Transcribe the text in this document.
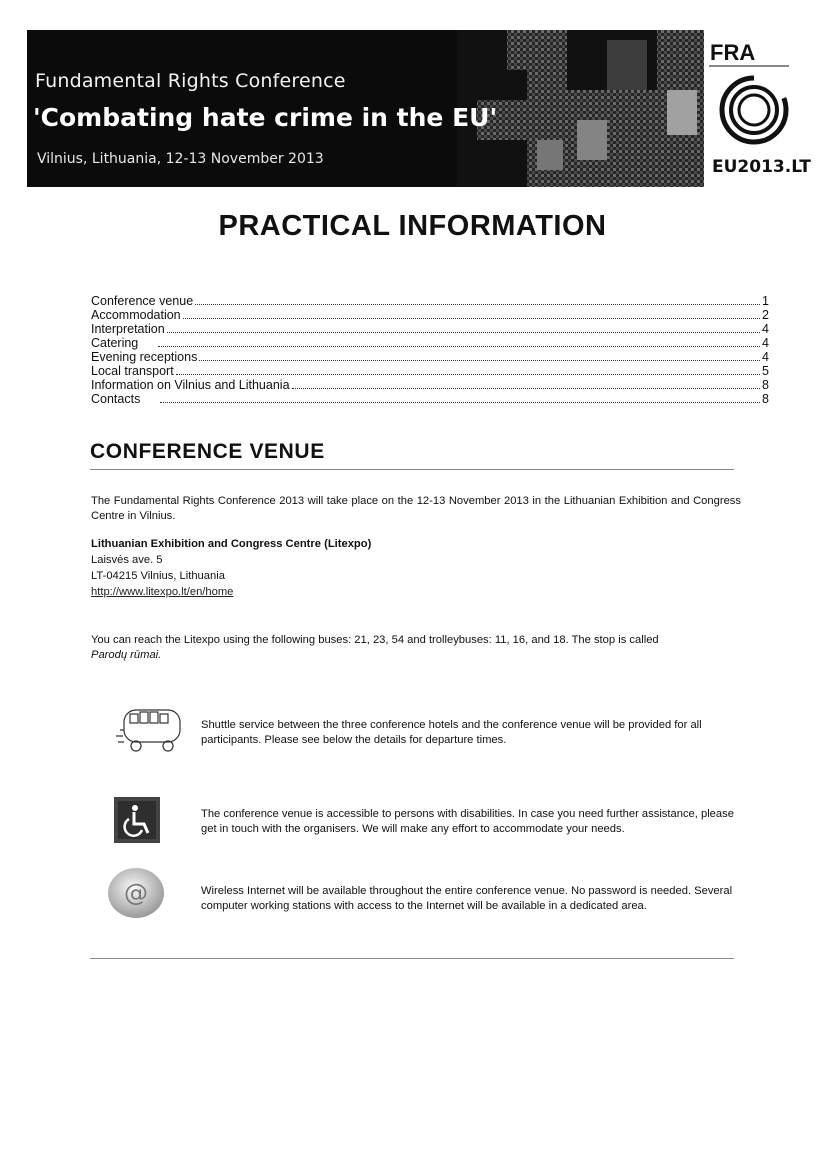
Fundamental Rights Conference
'Combating hate crime in the EU'
Vilnius, Lithuania, 12-13 November 2013
FRA
EU2013.LT
PRACTICAL INFORMATION
Conference venue	1
Accommodation	2
Interpretation	4
Catering	4
Evening receptions	4
Local transport	5
Information on Vilnius and Lithuania	8
Contacts	8
CONFERENCE VENUE
The Fundamental Rights Conference 2013 will take place on the 12-13 November 2013 in the Lithuanian Exhibition and Congress Centre in Vilnius.
Lithuanian Exhibition and Congress Centre (Litexpo)
Laisvės ave. 5
LT-04215 Vilnius, Lithuania
http://www.litexpo.lt/en/home
You can reach the Litexpo using the following buses: 21, 23, 54 and trolleybuses: 11, 16, and 18. The stop is called
Parodų rūmai.
Shuttle service between the three conference hotels and the conference venue will be provided for all participants. Please see below the details for departure times.
The conference venue is accessible to persons with disabilities. In case you need further assistance, please get in touch with the organisers. We will make any effort to accommodate your needs.
@	Wireless Internet will be available throughout the entire conference venue. No password is needed. Several computer working stations with access to the Internet will be available in a dedicated area.
